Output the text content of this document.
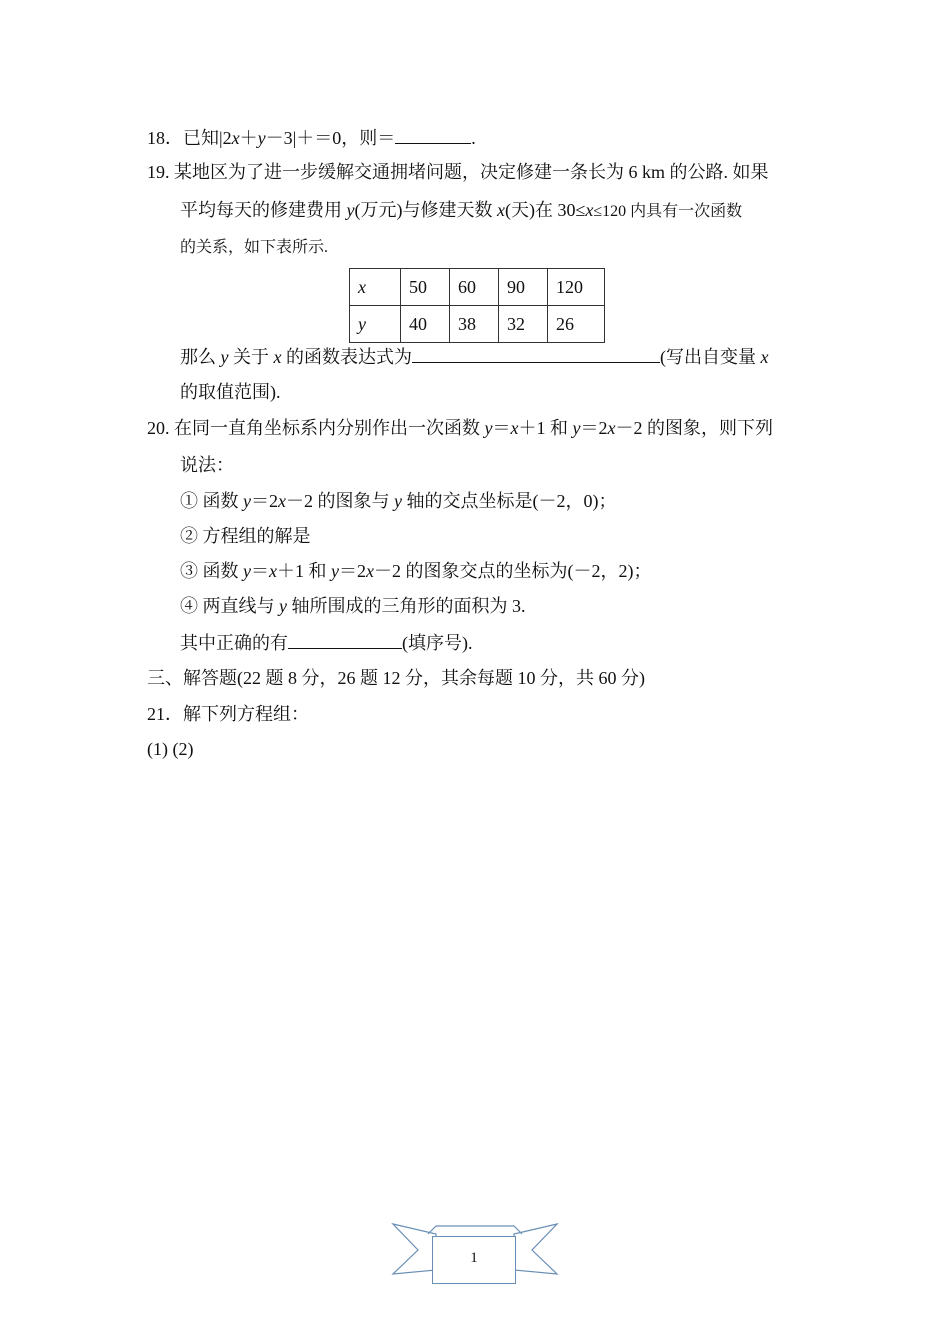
18．已知|2x＋y－3|＋＝0，则＝	.
19. 某地区为了进一步缓解交通拥堵问题，决定修建一条长为 6 km 的公路. 如果
平均每天的修建费用 y(万元)与修建天数 x(天)在 30≤x≤120 内具有一次函数
的关系，如下表所示.
x	50	60	90	120
y	40	38	32	26
那么 y 关于 x 的函数表达式为	(写出自变量 x
的取值范围).
20. 在同一直角坐标系内分别作出一次函数 y＝x＋1 和 y＝2x－2 的图象，则下列
说法：
① 函数 y＝2x－2 的图象与 y 轴的交点坐标是(－2，0)；
② 方程组的解是
③ 函数 y＝x＋1 和 y＝2x－2 的图象交点的坐标为(－2，2)；
④ 两直线与 y 轴所围成的三角形的面积为 3.
其中正确的有	(填序号).
三、解答题(22 题 8 分，26 题 12 分，其余每题 10 分，共 60 分)
21．解下列方程组：
(1) (2)
1
